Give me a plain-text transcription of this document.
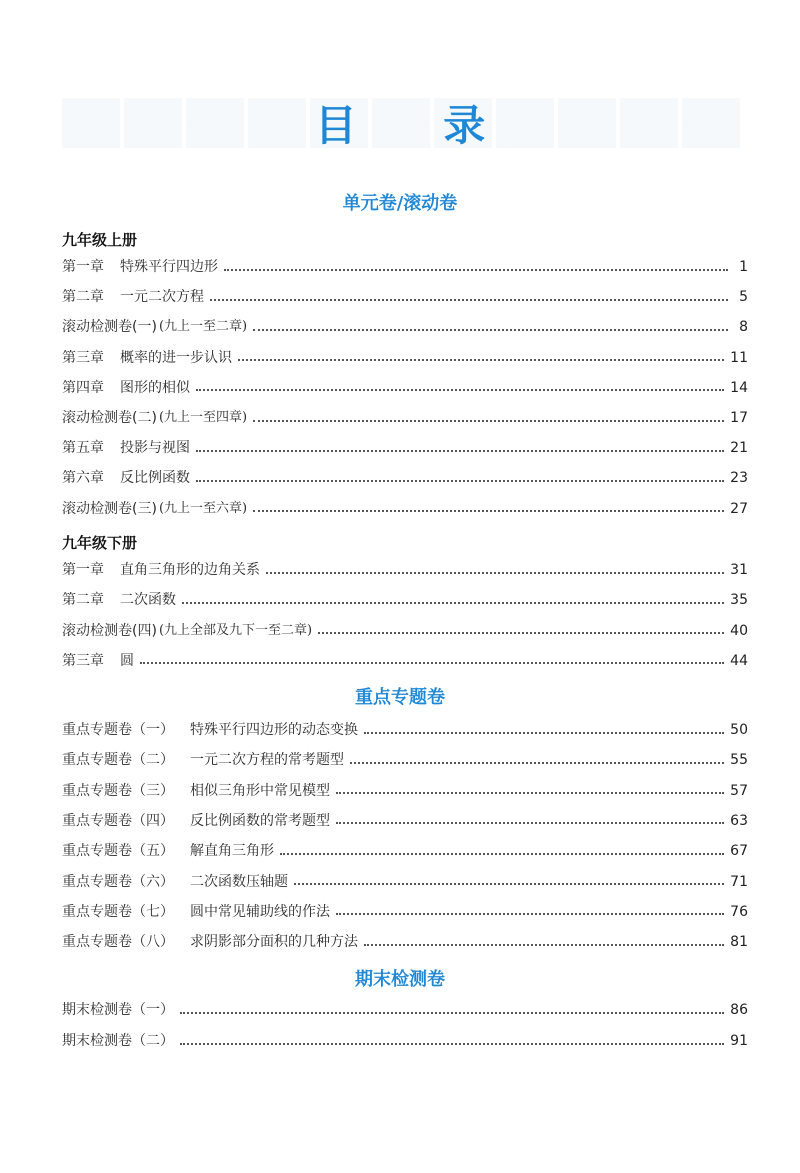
目 录
单元卷/滚动卷
九年级上册
第一章 特殊平行四边形	1
第二章 一元二次方程	5
滚动检测卷(一) (九上一至二章)	8
第三章 概率的进一步认识	11
第四章 图形的相似	14
滚动检测卷(二) (九上一至四章)	17
第五章 投影与视图	21
第六章 反比例函数	23
滚动检测卷(三) (九上一至六章)	27
九年级下册
第一章 直角三角形的边角关系	31
第二章 二次函数	35
滚动检测卷(四) (九上全部及九下一至二章)	40
第三章 圆	44
重点专题卷
重点专题卷（一） 特殊平行四边形的动态变换	50
重点专题卷（二） 一元二次方程的常考题型	55
重点专题卷（三） 相似三角形中常见模型	57
重点专题卷（四） 反比例函数的常考题型	63
重点专题卷（五） 解直角三角形	67
重点专题卷（六） 二次函数压轴题	71
重点专题卷（七） 圆中常见辅助线的作法	76
重点专题卷（八） 求阴影部分面积的几种方法	81
期末检测卷
期末检测卷（一）	86
期末检测卷（二）	91
